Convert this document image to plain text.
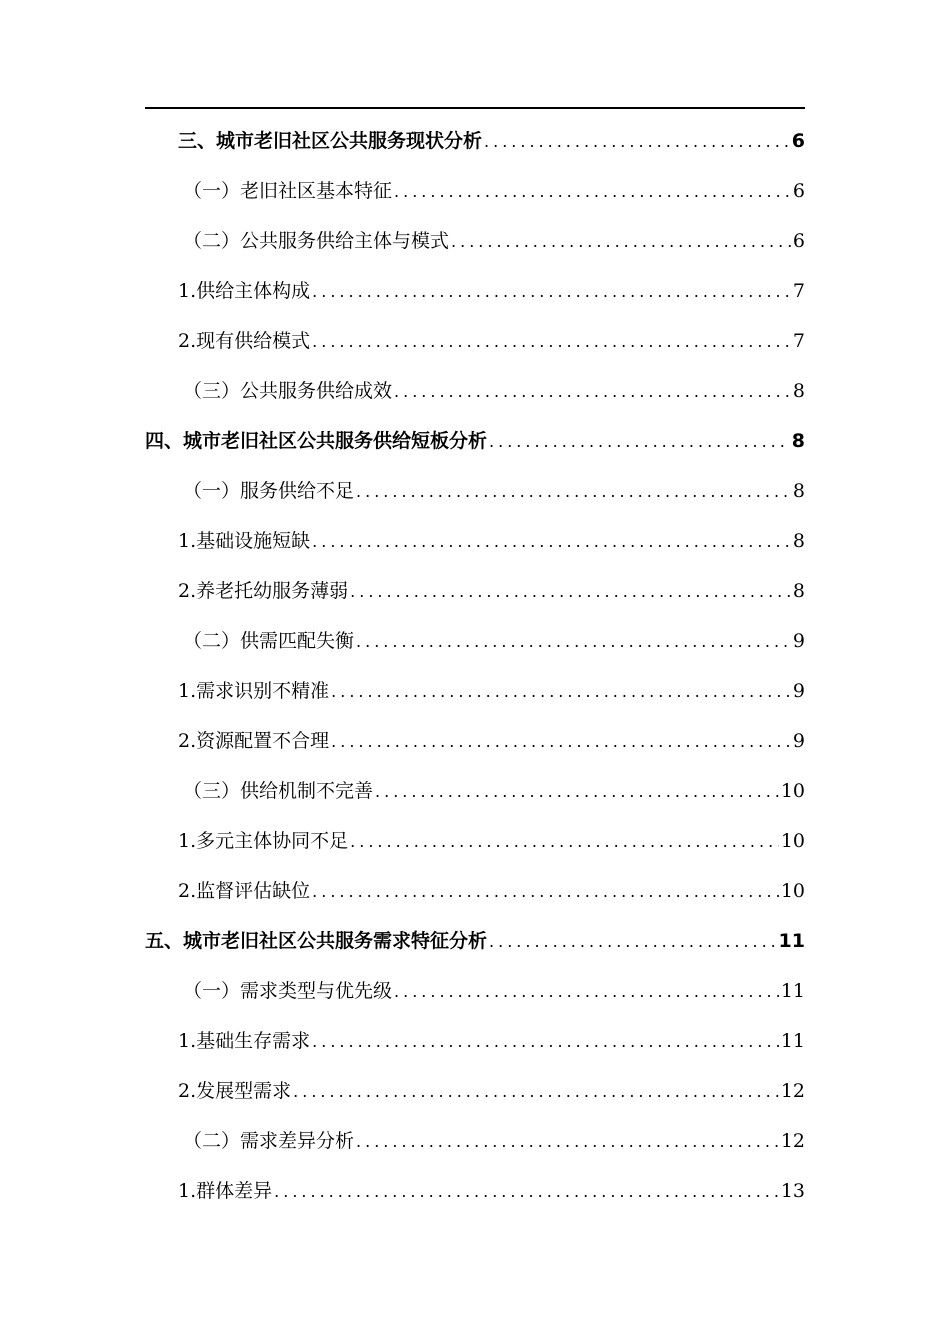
三、城市老旧社区公共服务现状分析 .....	6
（一）老旧社区基本特征 .....	6
（二）公共服务供给主体与模式 .....	6
1.供给主体构成 .....	7
2.现有供给模式 .....	7
（三）公共服务供给成效 .....	8
四、城市老旧社区公共服务供给短板分析 .....	8
（一）服务供给不足 .....	8
1.基础设施短缺 .....	8
2.养老托幼服务薄弱 .....	8
（二）供需匹配失衡 .....	9
1.需求识别不精准 .....	9
2.资源配置不合理 .....	9
（三）供给机制不完善 .....	10
1.多元主体协同不足 .....	10
2.监督评估缺位 .....	10
五、城市老旧社区公共服务需求特征分析 .....	11
（一）需求类型与优先级 .....	11
1.基础生存需求 .....	11
2.发展型需求 .....	12
（二）需求差异分析 .....	12
1.群体差异 .....	13
